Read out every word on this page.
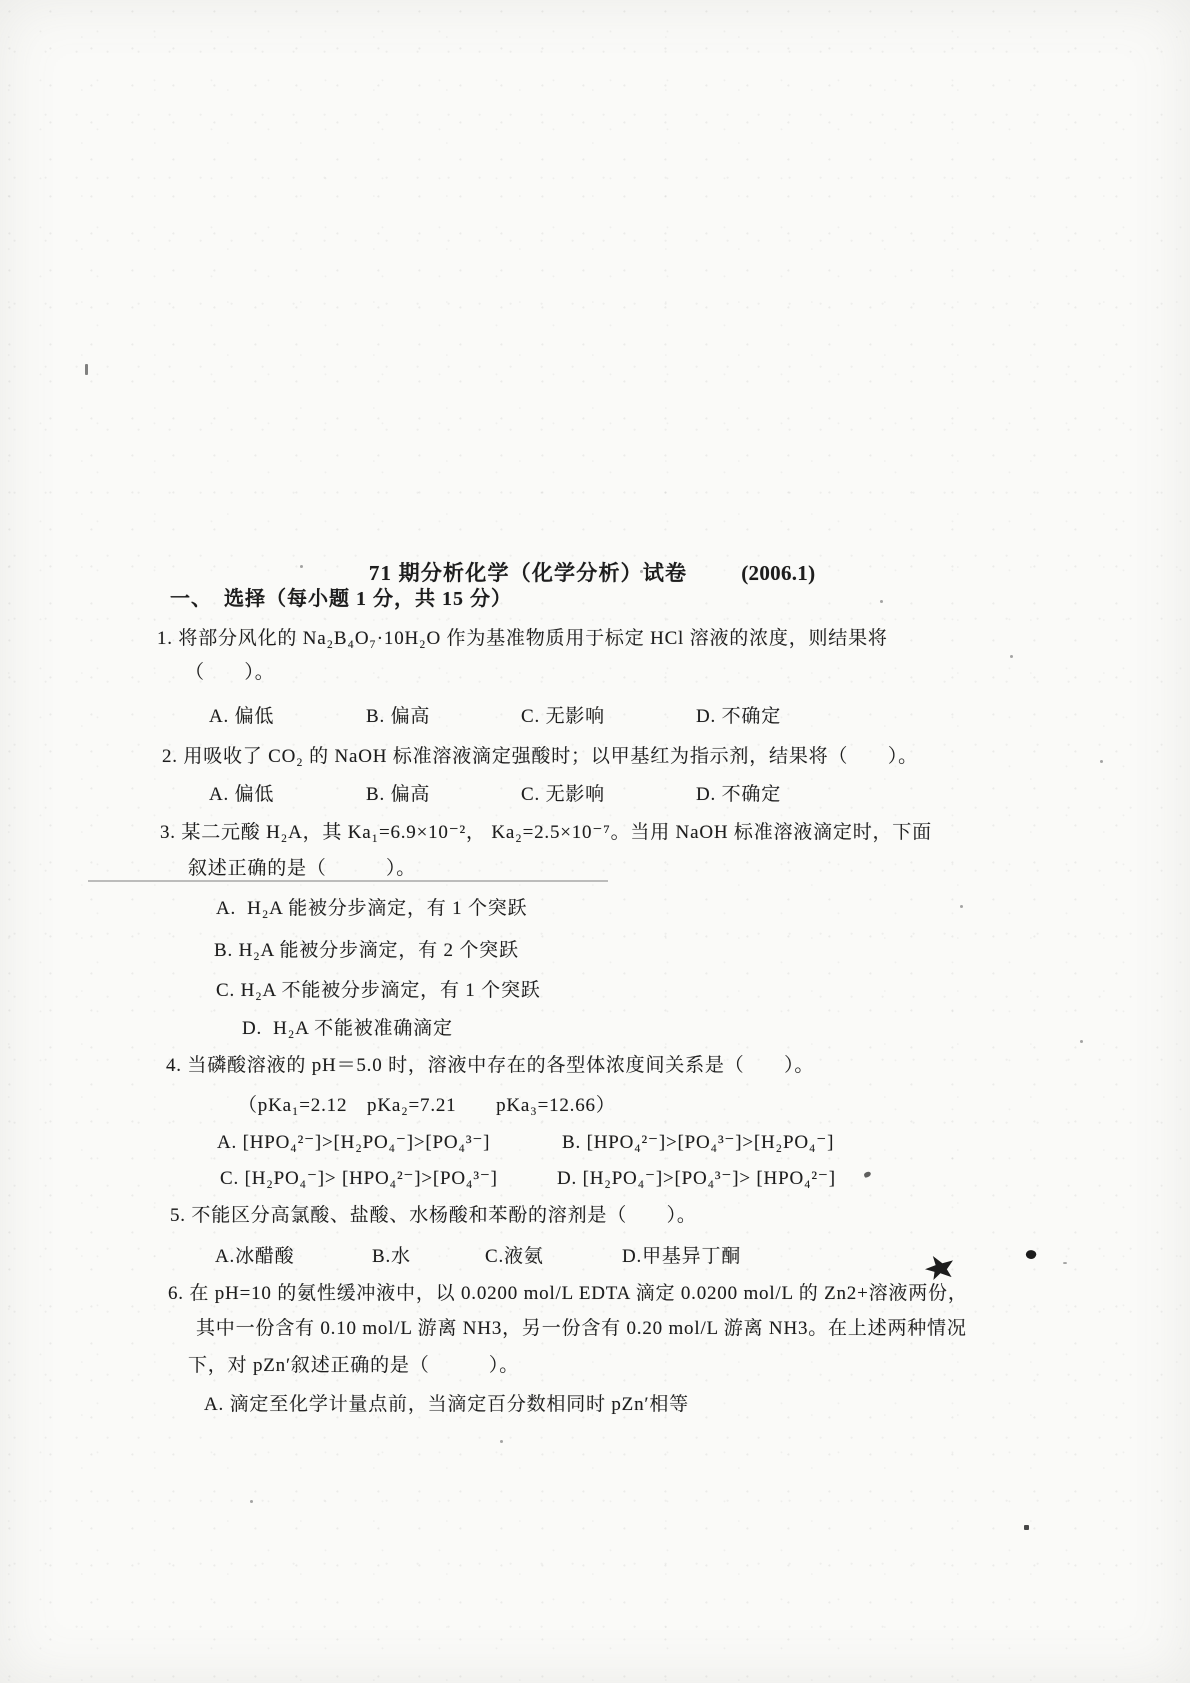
71 期分析化学（化学分析）试卷	(2006.1)

一、  选择（每小题 1 分，共 15 分）
1. 将部分风化的 Na₂B₄O₇·10H₂O 作为基准物质用于标定 HCl 溶液的浓度，则结果将
（　　）。
A. 偏低	B. 偏高	C. 无影响	D. 不确定
2. 用吸收了 CO₂ 的 NaOH 标准溶液滴定强酸时；以甲基红为指示剂，结果将（　　）。
A. 偏低	B. 偏高	C. 无影响	D. 不确定
3. 某二元酸 H₂A，其 Ka₁=6.9×10⁻²， Ka₂=2.5×10⁻⁷。当用 NaOH 标准溶液滴定时，下面
叙述正确的是（　　　）。
A.  H₂A 能被分步滴定，有 1 个突跃
B. H₂A 能被分步滴定，有 2 个突跃
C. H₂A 不能被分步滴定，有 1 个突跃
D.  H₂A 不能被准确滴定
4. 当磷酸溶液的 pH＝5.0 时，溶液中存在的各型体浓度间关系是（　　）。
（pKa₁=2.12　pKa₂=7.21　　pKa₃=12.66）
A. [HPO₄²⁻]>[H₂PO₄⁻]>[PO₄³⁻]	B. [HPO₄²⁻]>[PO₄³⁻]>[H₂PO₄⁻]
C. [H₂PO₄⁻]> [HPO₄²⁻]>[PO₄³⁻]	D. [H₂PO₄⁻]>[PO₄³⁻]> [HPO₄²⁻]
5. 不能区分高氯酸、盐酸、水杨酸和苯酚的溶剂是（　　）。
A.冰醋酸	B.水	C.液氨	D.甲基异丁酮
6. 在 pH=10 的氨性缓冲液中，以 0.0200 mol/L EDTA 滴定 0.0200 mol/L 的 Zn2+溶液两份，
其中一份含有 0.10 mol/L 游离 NH3，另一份含有 0.20 mol/L 游离 NH3。在上述两种情况
下，对 pZn′叙述正确的是（　　　）。
A. 滴定至化学计量点前，当滴定百分数相同时 pZn′相等
